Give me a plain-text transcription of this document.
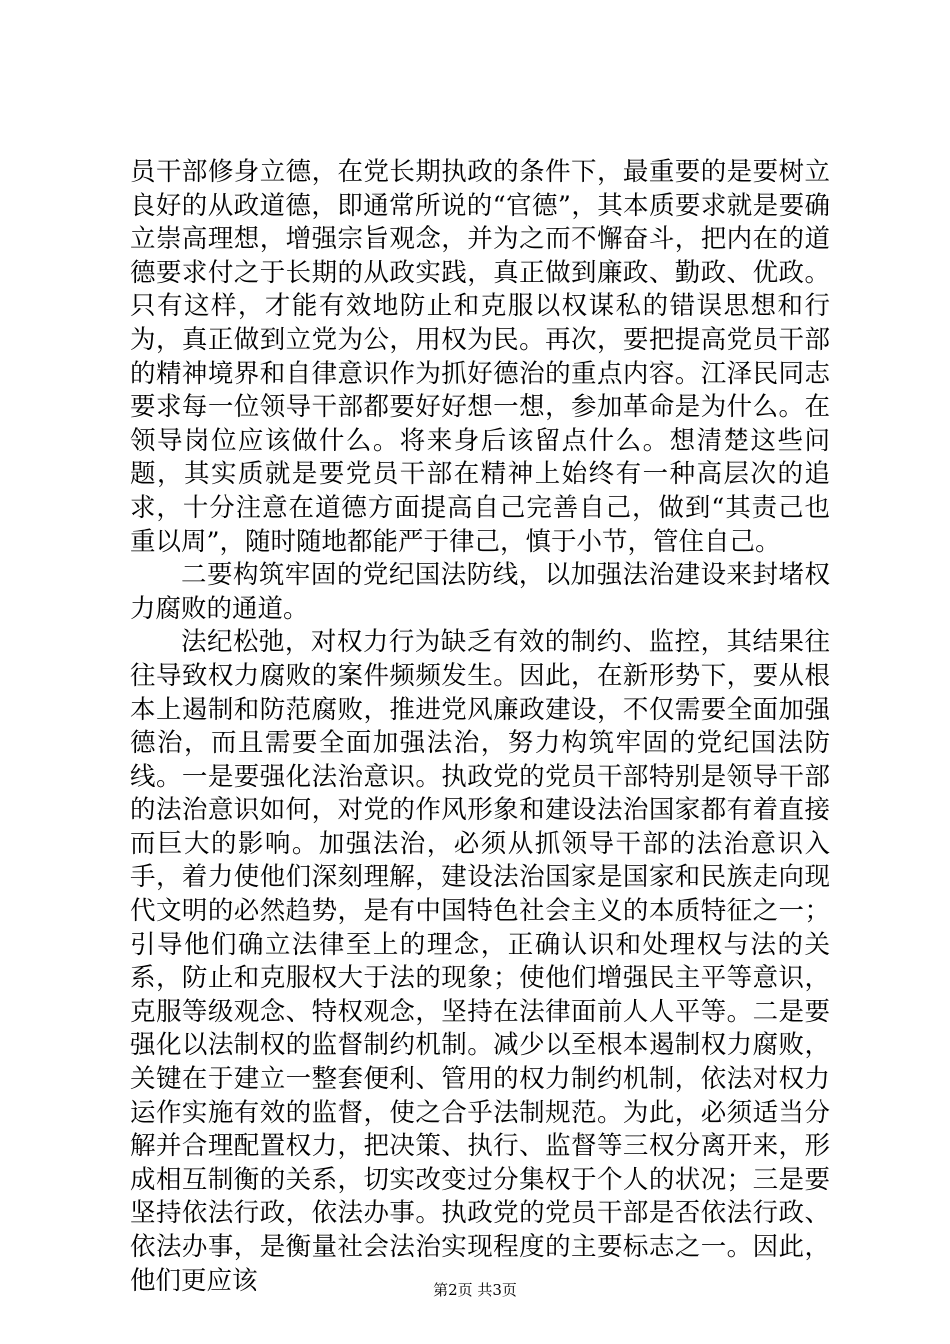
员干部修身立德，在党长期执政的条件下，最重要的是要树立良好的从政道德，即通常所说的“官德”，其本质要求就是要确立崇高理想，增强宗旨观念，并为之而不懈奋斗，把内在的道德要求付之于长期的从政实践，真正做到廉政、勤政、优政。只有这样，才能有效地防止和克服以权谋私的错误思想和行为，真正做到立党为公，用权为民。再次，要把提高党员干部的精神境界和自律意识作为抓好德治的重点内容。江泽民同志要求每一位领导干部都要好好想一想，参加革命是为什么。在领导岗位应该做什么。将来身后该留点什么。想清楚这些问题，其实质就是要党员干部在精神上始终有一种高层次的追求，十分注意在道德方面提高自己完善自己，做到“其责己也重以周”，随时随地都能严于律己，慎于小节，管住自己。

二要构筑牢固的党纪国法防线，以加强法治建设来封堵权力腐败的通道。

法纪松弛，对权力行为缺乏有效的制约、监控，其结果往往导致权力腐败的案件频频发生。因此，在新形势下，要从根本上遏制和防范腐败，推进党风廉政建设，不仅需要全面加强德治，而且需要全面加强法治，努力构筑牢固的党纪国法防线。一是要强化法治意识。执政党的党员干部特别是领导干部的法治意识如何，对党的作风形象和建设法治国家都有着直接而巨大的影响。加强法治，必须从抓领导干部的法治意识入手，着力使他们深刻理解，建设法治国家是国家和民族走向现代文明的必然趋势，是有中国特色社会主义的本质特征之一；引导他们确立法律至上的理念，正确认识和处理权与法的关系，防止和克服权大于法的现象；使他们增强民主平等意识，克服等级观念、特权观念，坚持在法律面前人人平等。二是要强化以法制权的监督制约机制。减少以至根本遏制权力腐败，关键在于建立一整套便利、管用的权力制约机制，依法对权力运作实施有效的监督，使之合乎法制规范。为此，必须适当分解并合理配置权力，把决策、执行、监督等三权分离开来，形成相互制衡的关系，切实改变过分集权于个人的状况；三是要坚持依法行政，依法办事。执政党的党员干部是否依法行政、依法办事，是衡量社会法治实现程度的主要标志之一。因此，他们更应该	第2页 共3页
